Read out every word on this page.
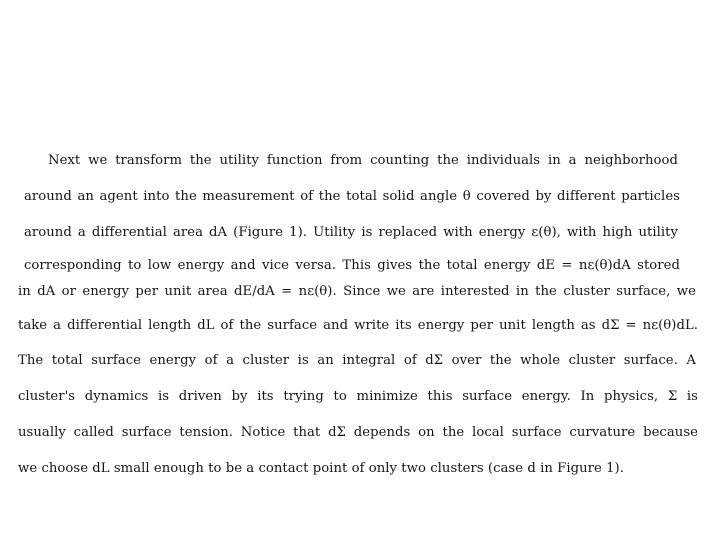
Next we transform the utility function from counting the individuals in a neighborhood
around an agent into the measurement of the total solid angle θ covered by different particles
around a differential area dA (Figure 1). Utility is replaced with energy ε(θ), with high utility
corresponding to low energy and vice versa. This gives the total energy dE = nε(θ)dA stored
in dA or energy per unit area dE/dA = nε(θ). Since we are interested in the cluster surface, we
take a differential length dL of the surface and write its energy per unit length as dΣ = nε(θ)dL.
The total surface energy of a cluster is an integral of dΣ over the whole cluster surface. A
cluster's dynamics is driven by its trying to minimize this surface energy. In physics, Σ is
usually called surface tension. Notice that dΣ depends on the local surface curvature because
we choose dL small enough to be a contact point of only two clusters (case d in Figure 1).
